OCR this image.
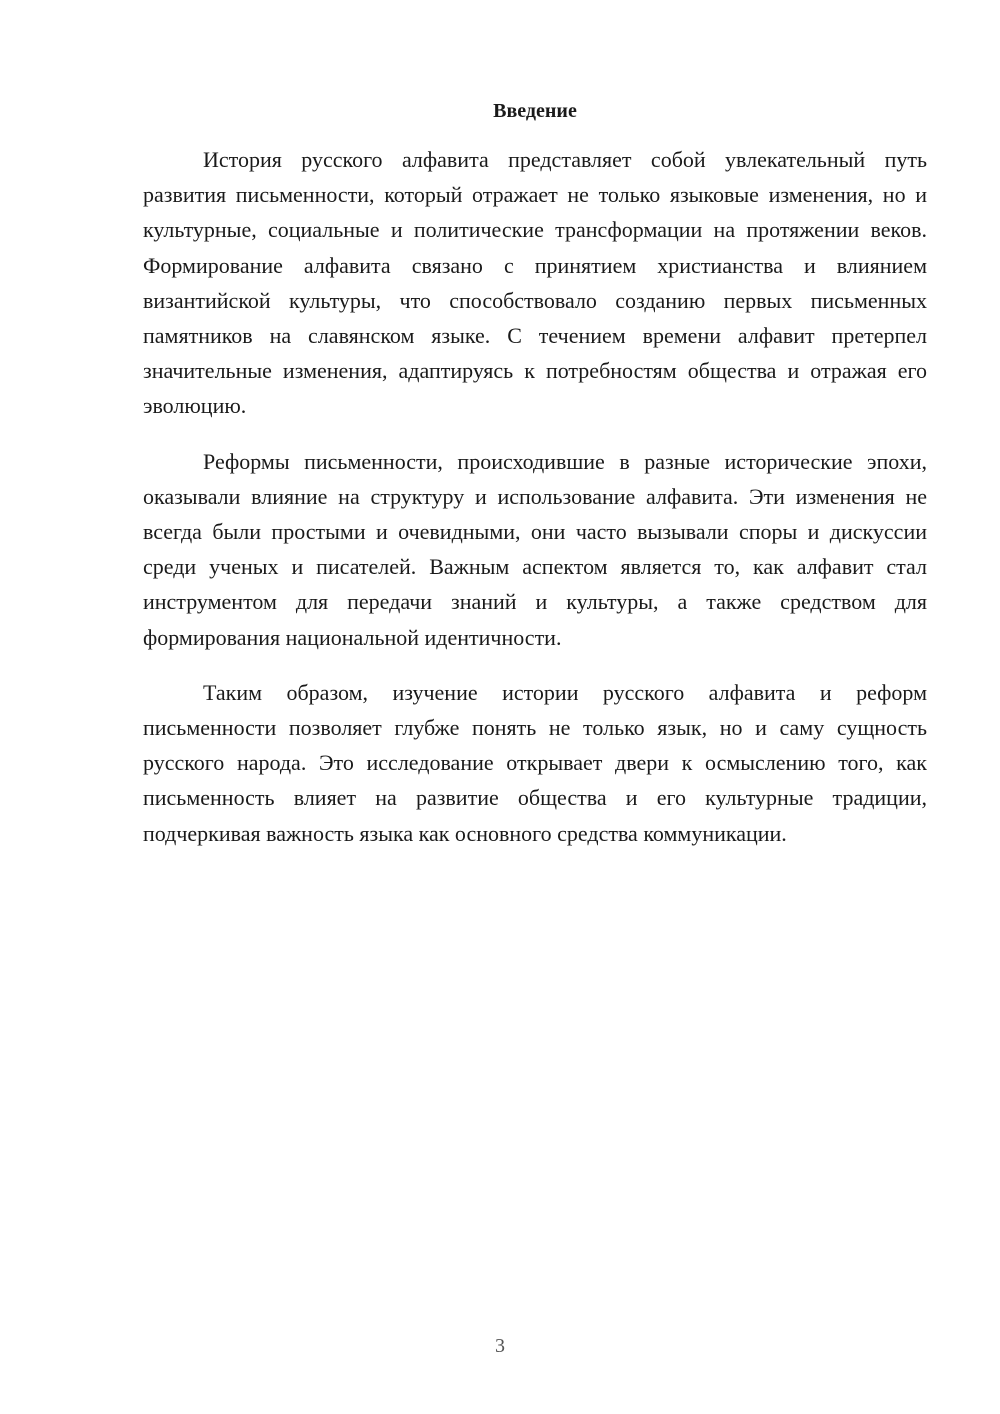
Введение

История русского алфавита представляет собой увлекательный путь развития письменности, который отражает не только языковые изменения, но и культурные, социальные и политические трансформации на протяжении веков. Формирование алфавита связано с принятием христианства и влиянием византийской культуры, что способствовало созданию первых письменных памятников на славянском языке. С течением времени алфавит претерпел значительные изменения, адаптируясь к потребностям общества и отражая его эволюцию.

Реформы письменности, происходившие в разные исторические эпохи, оказывали влияние на структуру и использование алфавита. Эти изменения не всегда были простыми и очевидными, они часто вызывали споры и дискуссии среди ученых и писателей. Важным аспектом является то, как алфавит стал инструментом для передачи знаний и культуры, а также средством для формирования национальной идентичности.

Таким образом, изучение истории русского алфавита и реформ письменности позволяет глубже понять не только язык, но и саму сущность русского народа. Это исследование открывает двери к осмыслению того, как письменность влияет на развитие общества и его культурные традиции, подчеркивая важность языка как основного средства коммуникации.

3
